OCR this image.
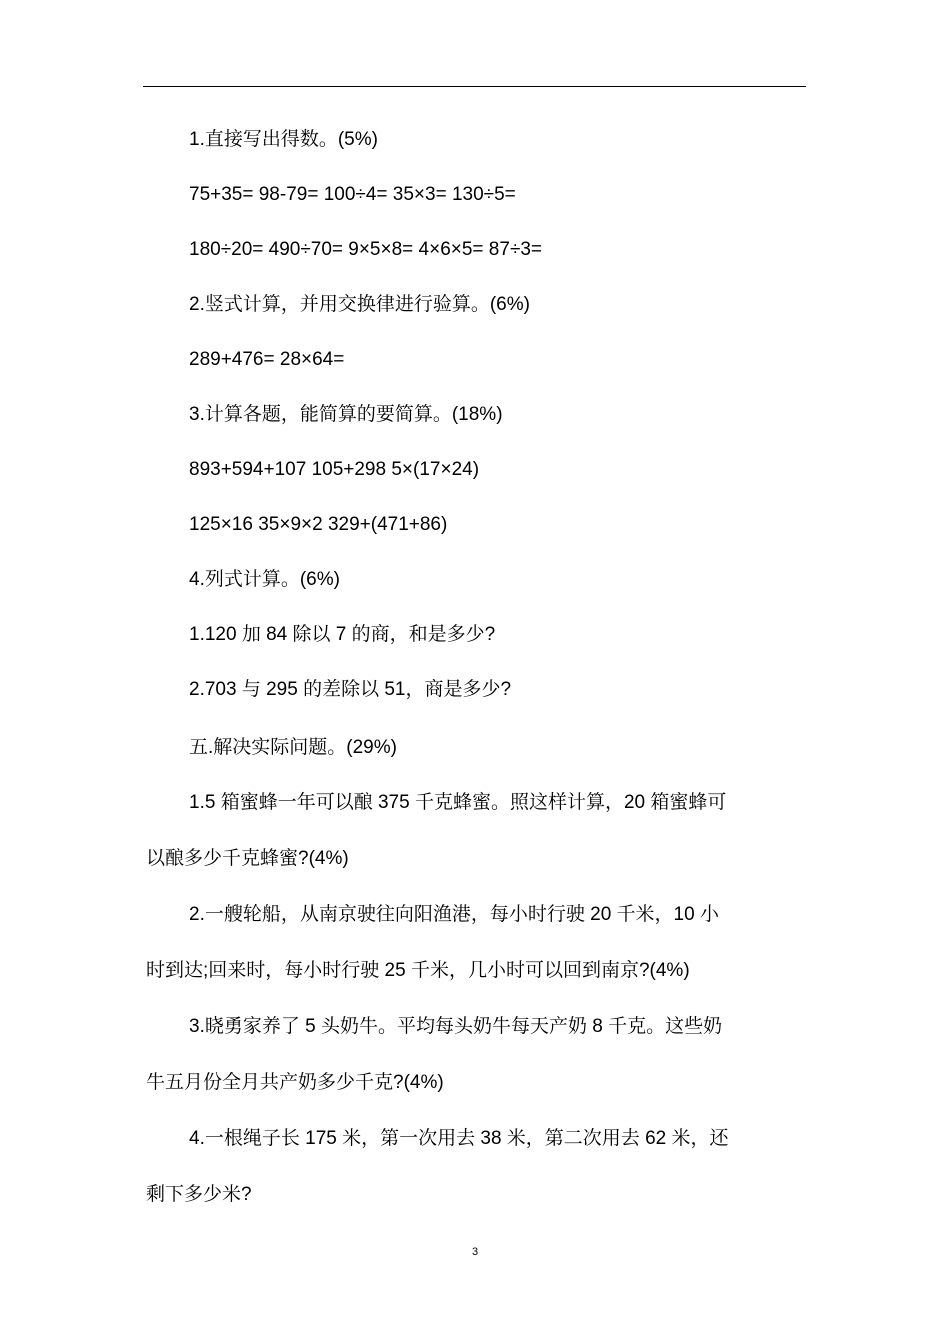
1.直接写出得数。(5%)
75+35= 98-79= 100÷4= 35×3= 130÷5=
180÷20= 490÷70= 9×5×8= 4×6×5= 87÷3=
2.竖式计算，并用交换律进行验算。(6%)
289+476= 28×64=
3.计算各题，能简算的要简算。(18%)
893+594+107 105+298 5×(17×24)
125×16 35×9×2 329+(471+86)
4.列式计算。(6%)
1.120 加 84 除以 7 的商，和是多少?
2.703 与 295 的差除以 51，商是多少?
五.解决实际问题。(29%)
1.5 箱蜜蜂一年可以酿 375 千克蜂蜜。照这样计算，20 箱蜜蜂可
以酿多少千克蜂蜜?(4%)
2.一艘轮船，从南京驶往向阳渔港，每小时行驶 20 千米，10 小
时到达;回来时，每小时行驶 25 千米，几小时可以回到南京?(4%)
3.晓勇家养了 5 头奶牛。平均每头奶牛每天产奶 8 千克。这些奶
牛五月份全月共产奶多少千克?(4%)
4.一根绳子长 175 米，第一次用去 38 米，第二次用去 62 米，还
剩下多少米?
3
